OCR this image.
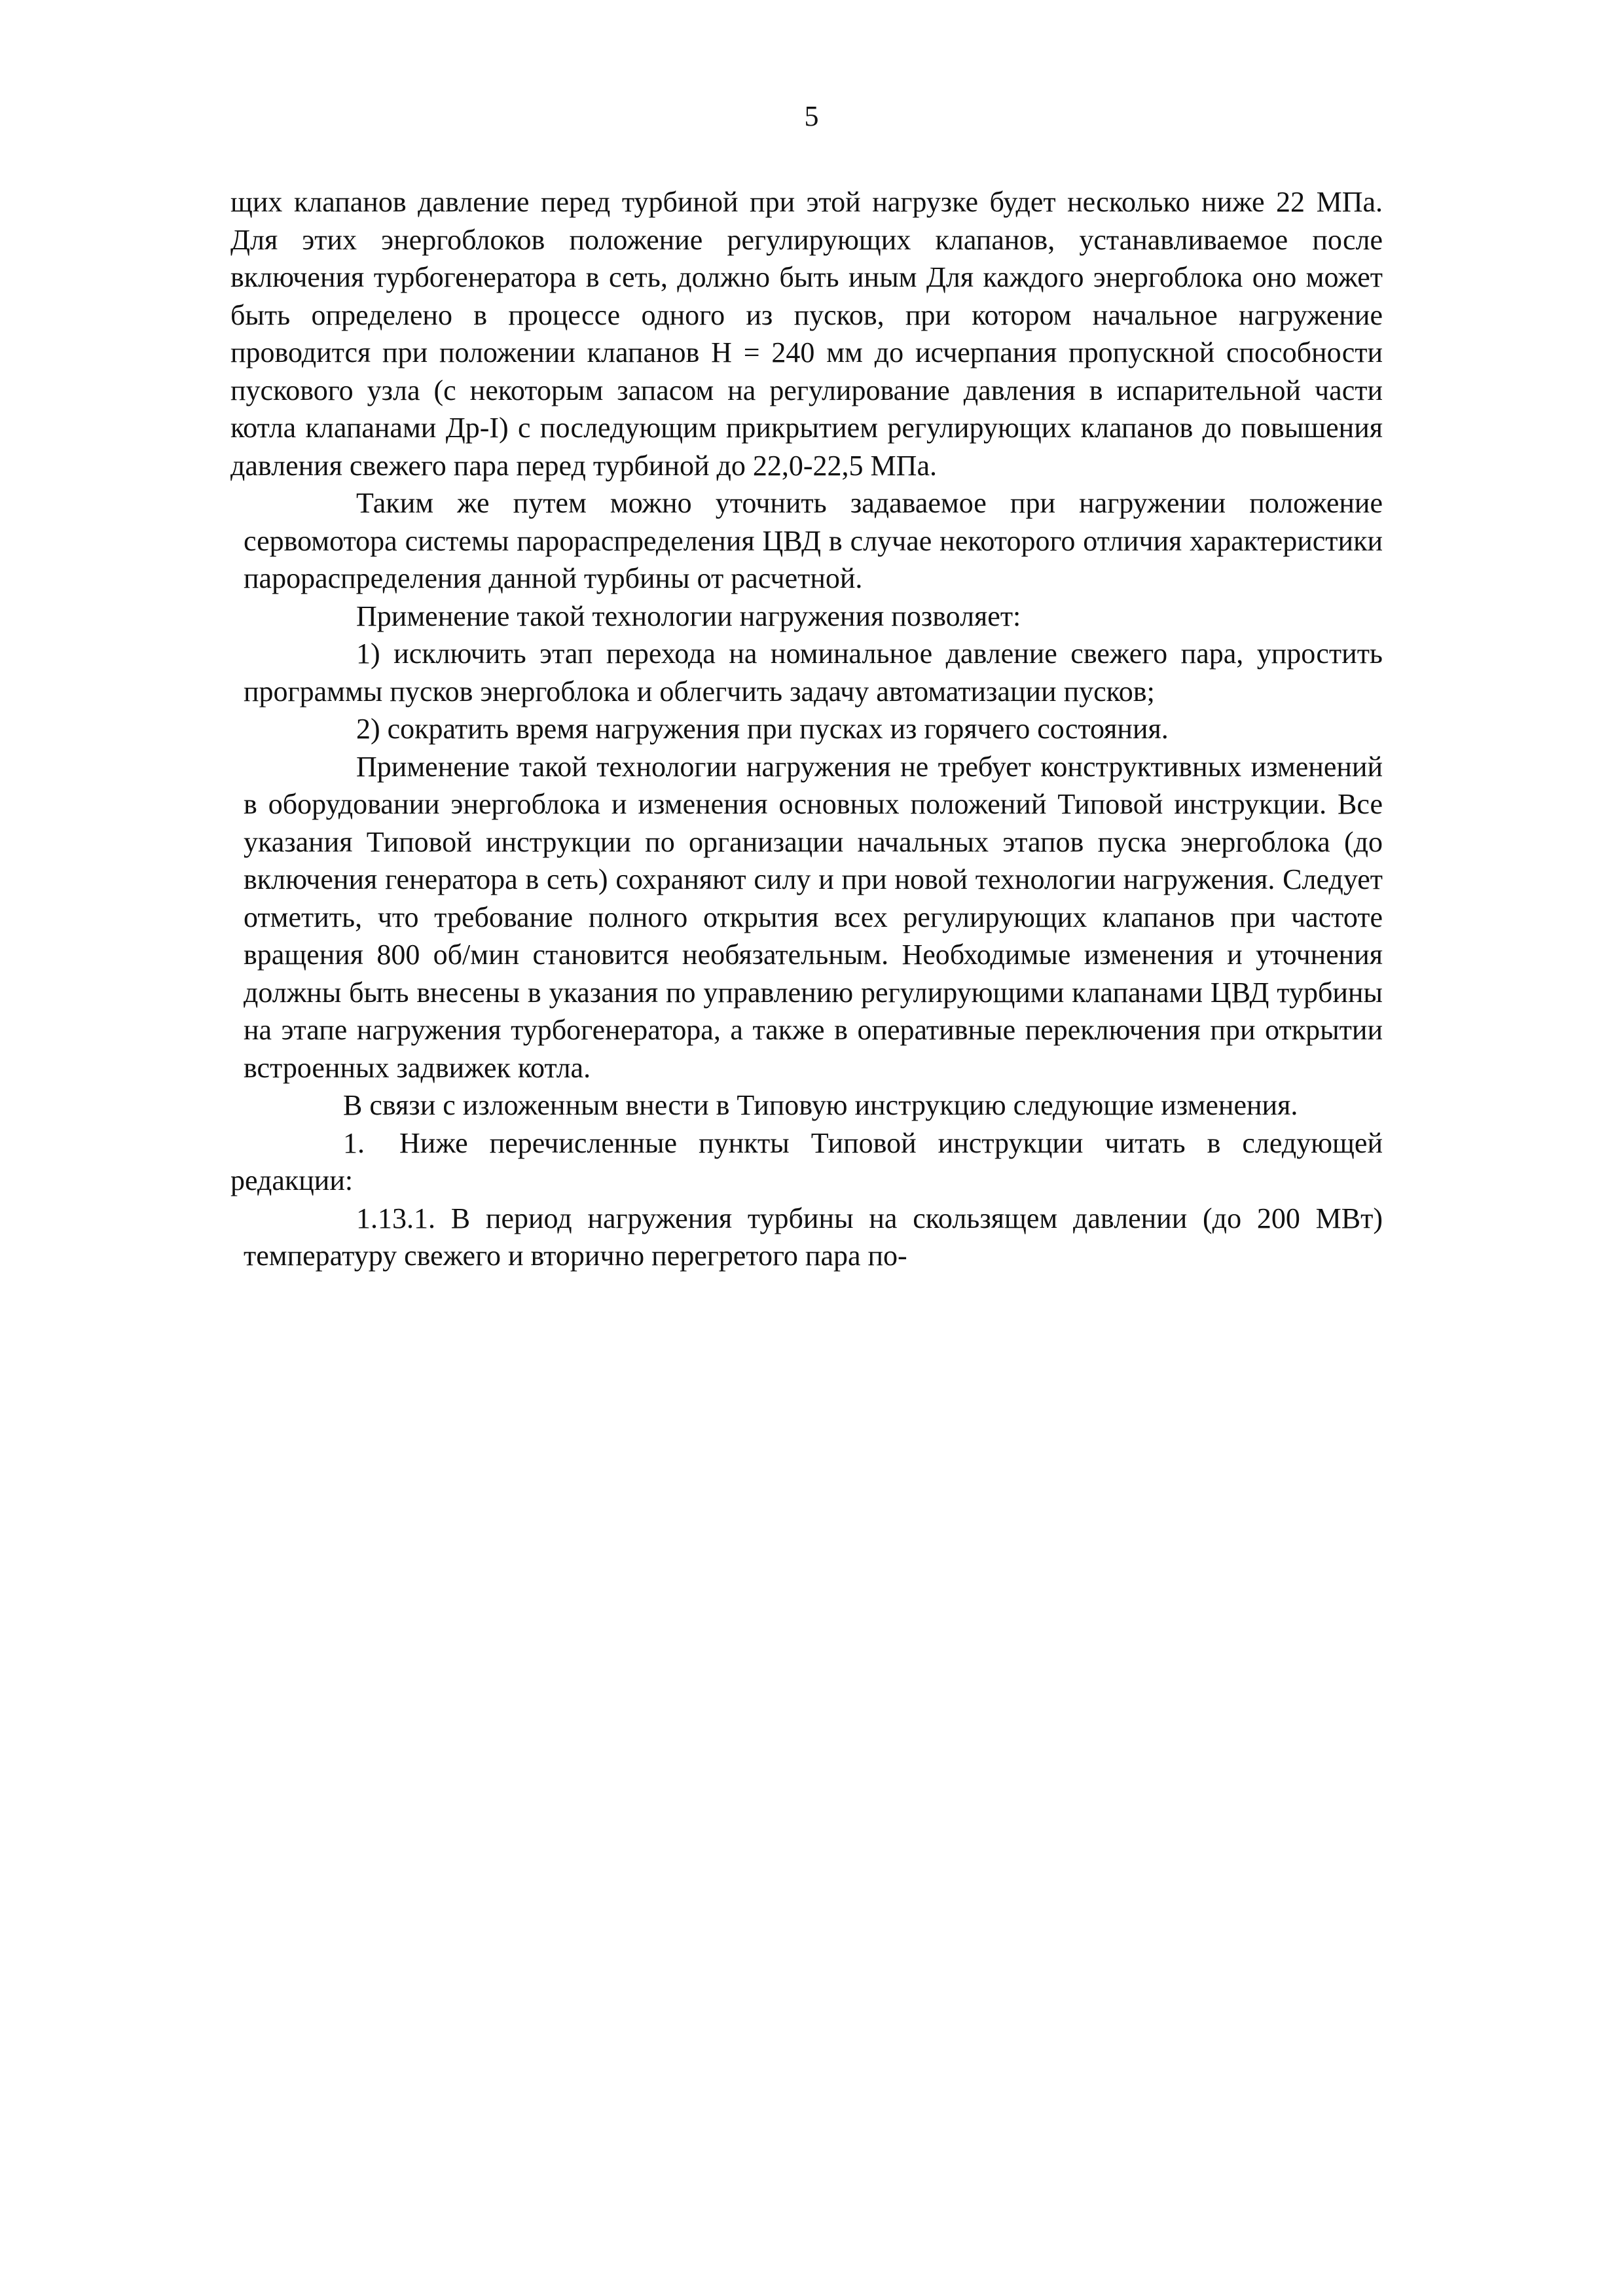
5

щих клапанов давление перед турбиной при этой нагрузке будет несколько ниже 22 МПа. Для этих энергоблоков положение регулирующих клапанов, устанавливаемое после включения турбогенератора в сеть, должно быть иным Для каждого энергоблока оно может быть определено в процессе одного из пусков, при котором начальное нагружение проводится при положении клапанов Н = 240 мм до исчерпания пропускной способности пускового узла (с некоторым запасом на регулирование давления в испарительной части котла клапанами Др-I) с последующим прикрытием регулирующих клапанов до повышения давления свежего пара перед турбиной до 22,0-22,5 МПа.

Таким же путем можно уточнить задаваемое при нагружении положение сервомотора системы парораспределения ЦВД в случае некоторого отличия характеристики парораспределения данной турбины от расчетной.

Применение такой технологии нагружения позволяет:

1) исключить этап перехода на номинальное давление свежего пара, упростить программы пусков энергоблока и облегчить задачу автоматизации пусков;

2) сократить время нагружения при пусках из горячего состояния.

Применение такой технологии нагружения не требует конструктивных изменений в оборудовании энергоблока и изменения основных положений Типовой инструкции. Все указания Типовой инструкции по организации начальных этапов пуска энергоблока (до включения генератора в сеть) сохраняют силу и при новой технологии нагружения. Следует отметить, что требование полного открытия всех регулирующих клапанов при частоте вращения 800 об/мин становится необязательным. Необходимые изменения и уточнения должны быть внесены в указания по управлению регулирующими клапанами ЦВД турбины на этапе нагружения турбогенератора, а также в оперативные переключения при открытии встроенных задвижек котла.

В связи с изложенным внести в Типовую инструкцию следующие изменения.

1. Ниже перечисленные пункты Типовой инструкции читать в следующей редакции:

1.13.1. В период нагружения турбины на скользящем давлении (до 200 МВт) температуру свежего и вторично перегретого пара по-
